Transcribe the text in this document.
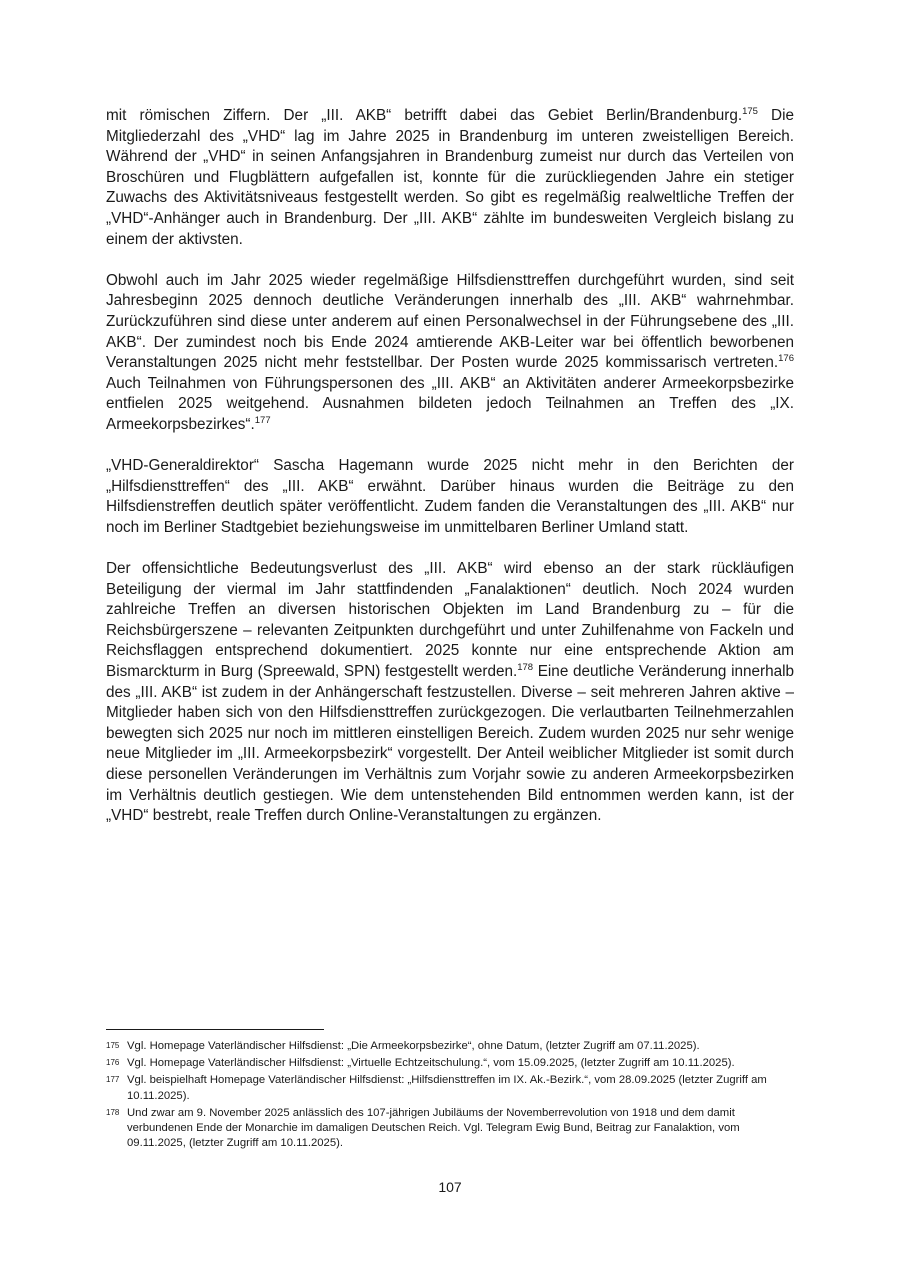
mit römischen Ziffern. Der „III. AKB“ betrifft dabei das Gebiet Berlin/Brandenburg.$^{175}$ Die Mitgliederzahl des „VHD“ lag im Jahre 2025 in Brandenburg im unteren zweistelligen Bereich. Während der „VHD“ in seinen Anfangsjahren in Brandenburg zumeist nur durch das Verteilen von Broschüren und Flugblättern aufgefallen ist, konnte für die zurückliegenden Jahre ein stetiger Zuwachs des Aktivitätsniveaus festgestellt werden. So gibt es regelmäßig realweltliche Treffen der „VHD“-Anhänger auch in Brandenburg. Der „III. AKB“ zählte im bundesweiten Vergleich bislang zu einem der aktivsten.

Obwohl auch im Jahr 2025 wieder regelmäßige Hilfsdiensttreffen durchgeführt wurden, sind seit Jahresbeginn 2025 dennoch deutliche Veränderungen innerhalb des „III. AKB“ wahrnehmbar. Zurückzuführen sind diese unter anderem auf einen Personalwechsel in der Führungsebene des „III. AKB“. Der zumindest noch bis Ende 2024 amtierende AKB-Leiter war bei öffentlich beworbenen Veranstaltungen 2025 nicht mehr feststellbar. Der Posten wurde 2025 kommissarisch vertreten.$^{176}$ Auch Teilnahmen von Führungspersonen des „III. AKB“ an Aktivitäten anderer Armeekorpsbezirke entfielen 2025 weitgehend. Ausnahmen bildeten jedoch Teilnahmen an Treffen des „IX. Armeekorpsbezirkes“.$^{177}$

„VHD-Generaldirektor“ Sascha Hagemann wurde 2025 nicht mehr in den Berichten der „Hilfsdiensttreffen“ des „III. AKB“ erwähnt. Darüber hinaus wurden die Beiträge zu den Hilfsdienstreffen deutlich später veröffentlicht. Zudem fanden die Veranstaltungen des „III. AKB“ nur noch im Berliner Stadtgebiet beziehungsweise im unmittelbaren Berliner Umland statt.

Der offensichtliche Bedeutungsverlust des „III. AKB“ wird ebenso an der stark rückläufigen Beteiligung der viermal im Jahr stattfindenden „Fanalaktionen“ deutlich. Noch 2024 wurden zahlreiche Treffen an diversen historischen Objekten im Land Brandenburg zu – für die Reichsbürgerszene – relevanten Zeitpunkten durchgeführt und unter Zuhilfenahme von Fackeln und Reichsflaggen entsprechend dokumentiert. 2025 konnte nur eine entsprechende Aktion am Bismarckturm in Burg (Spreewald, SPN) festgestellt werden.$^{178}$ Eine deutliche Veränderung innerhalb des „III. AKB“ ist zudem in der Anhängerschaft festzustellen. Diverse – seit mehreren Jahren aktive – Mitglieder haben sich von den Hilfsdiensttreffen zurückgezogen. Die verlautbarten Teilnehmerzahlen bewegten sich 2025 nur noch im mittleren einstelligen Bereich. Zudem wurden 2025 nur sehr wenige neue Mitglieder im „III. Armeekorpsbezirk“ vorgestellt. Der Anteil weiblicher Mitglieder ist somit durch diese personellen Veränderungen im Verhältnis zum Vorjahr sowie zu anderen Armeekorpsbezirken im Verhältnis deutlich gestiegen. Wie dem untenstehenden Bild entnommen werden kann, ist der „VHD“ bestrebt, reale Treffen durch Online-Veranstaltungen zu ergänzen.

175 Vgl. Homepage Vaterländischer Hilfsdienst: „Die Armeekorpsbezirke“, ohne Datum, (letzter Zugriff am 07.11.2025).
176 Vgl. Homepage Vaterländischer Hilfsdienst: „Virtuelle Echtzeitschulung.“, vom 15.09.2025, (letzter Zugriff am 10.11.2025).
177 Vgl. beispielhaft Homepage Vaterländischer Hilfsdienst: „Hilfsdiensttreffen im IX. Ak.-Bezirk.“, vom 28.09.2025 (letzter Zugriff am 10.11.2025).
178 Und zwar am 9. November 2025 anlässlich des 107-jährigen Jubiläums der Novemberrevolution von 1918 und dem damit verbundenen Ende der Monarchie im damaligen Deutschen Reich. Vgl. Telegram Ewig Bund, Beitrag zur Fanalaktion, vom 09.11.2025, (letzter Zugriff am 10.11.2025).
107
